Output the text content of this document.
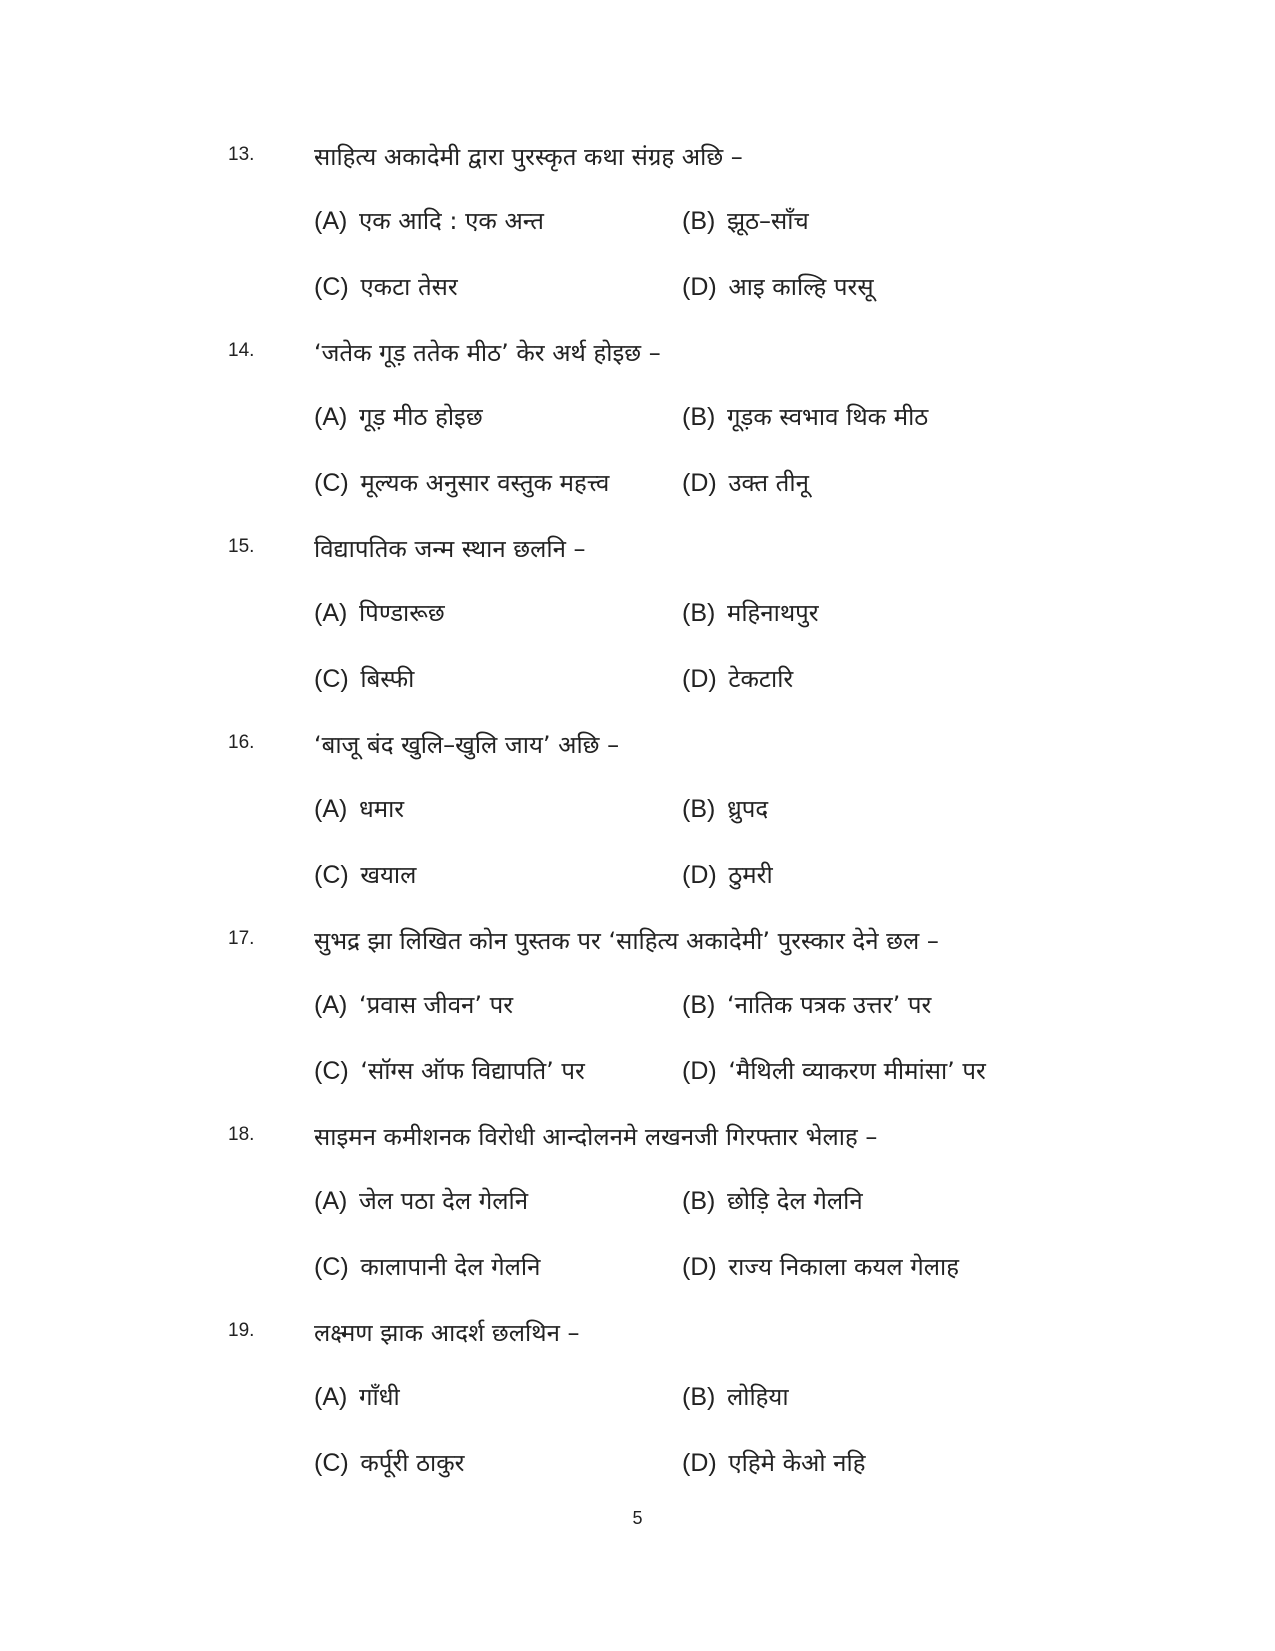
13. साहित्य अकादेमी द्वारा पुरस्कृत कथा संग्रह अछि –
(A) एक आदि : एक अन्त	(B) झूठ–साँच
(C) एकटा तेसर	(D) आइ काल्हि परसू
14. ‘जतेक गूड़ ततेक मीठ’ केर अर्थ होइछ –
(A) गूड़ मीठ होइछ	(B) गूड़क स्वभाव थिक मीठ
(C) मूल्यक अनुसार वस्तुक महत्त्व	(D) उक्त तीनू
15. विद्यापतिक जन्म स्थान छलनि –
(A) पिण्डारूछ	(B) महिनाथपुर
(C) बिस्फी	(D) टेकटारि
16. ‘बाजू बंद खुलि–खुलि जाय’ अछि –
(A) धमार	(B) ध्रुपद
(C) खयाल	(D) ठुमरी
17. सुभद्र झा लिखित कोन पुस्तक पर ‘साहित्य अकादेमी’ पुरस्कार देने छल –
(A) ‘प्रवास जीवन’ पर	(B) ‘नातिक पत्रक उत्तर’ पर
(C) ‘सॉग्स ऑफ विद्यापति’ पर	(D) ‘मैथिली व्याकरण मीमांसा’ पर
18. साइमन कमीशनक विरोधी आन्दोलनमे लखनजी गिरफ्तार भेलाह –
(A) जेल पठा देल गेलनि	(B) छोड़ि देल गेलनि
(C) कालापानी देल गेलनि	(D) राज्य निकाला कयल गेलाह
19. लक्ष्मण झाक आदर्श छलथिन –
(A) गाँधी	(B) लोहिया
(C) कर्पूरी ठाकुर	(D) एहिमे केओ नहि
5
